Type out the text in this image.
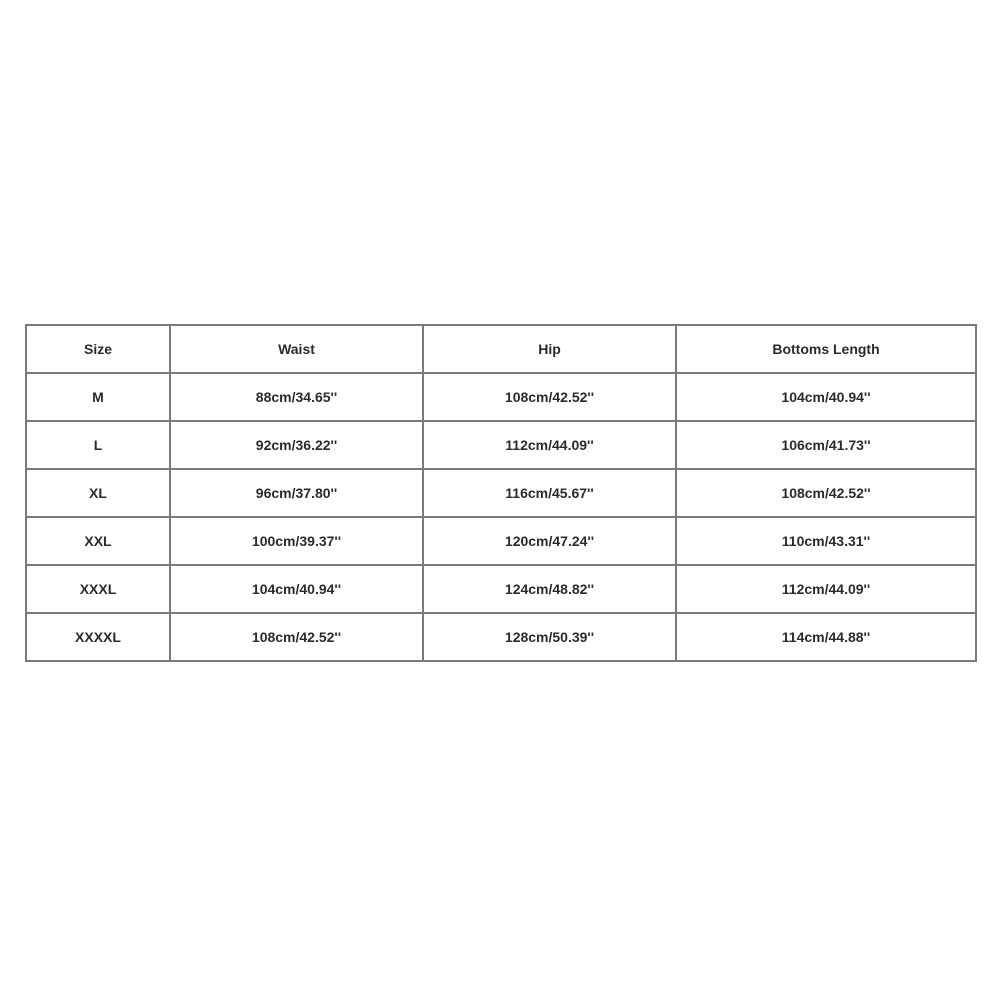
Size	Waist	Hip	Bottoms Length
M	88cm/34.65''	108cm/42.52''	104cm/40.94''
L	92cm/36.22''	112cm/44.09''	106cm/41.73''
XL	96cm/37.80''	116cm/45.67''	108cm/42.52''
XXL	100cm/39.37''	120cm/47.24''	110cm/43.31''
XXXL	104cm/40.94''	124cm/48.82''	112cm/44.09''
XXXXL	108cm/42.52''	128cm/50.39''	114cm/44.88''
